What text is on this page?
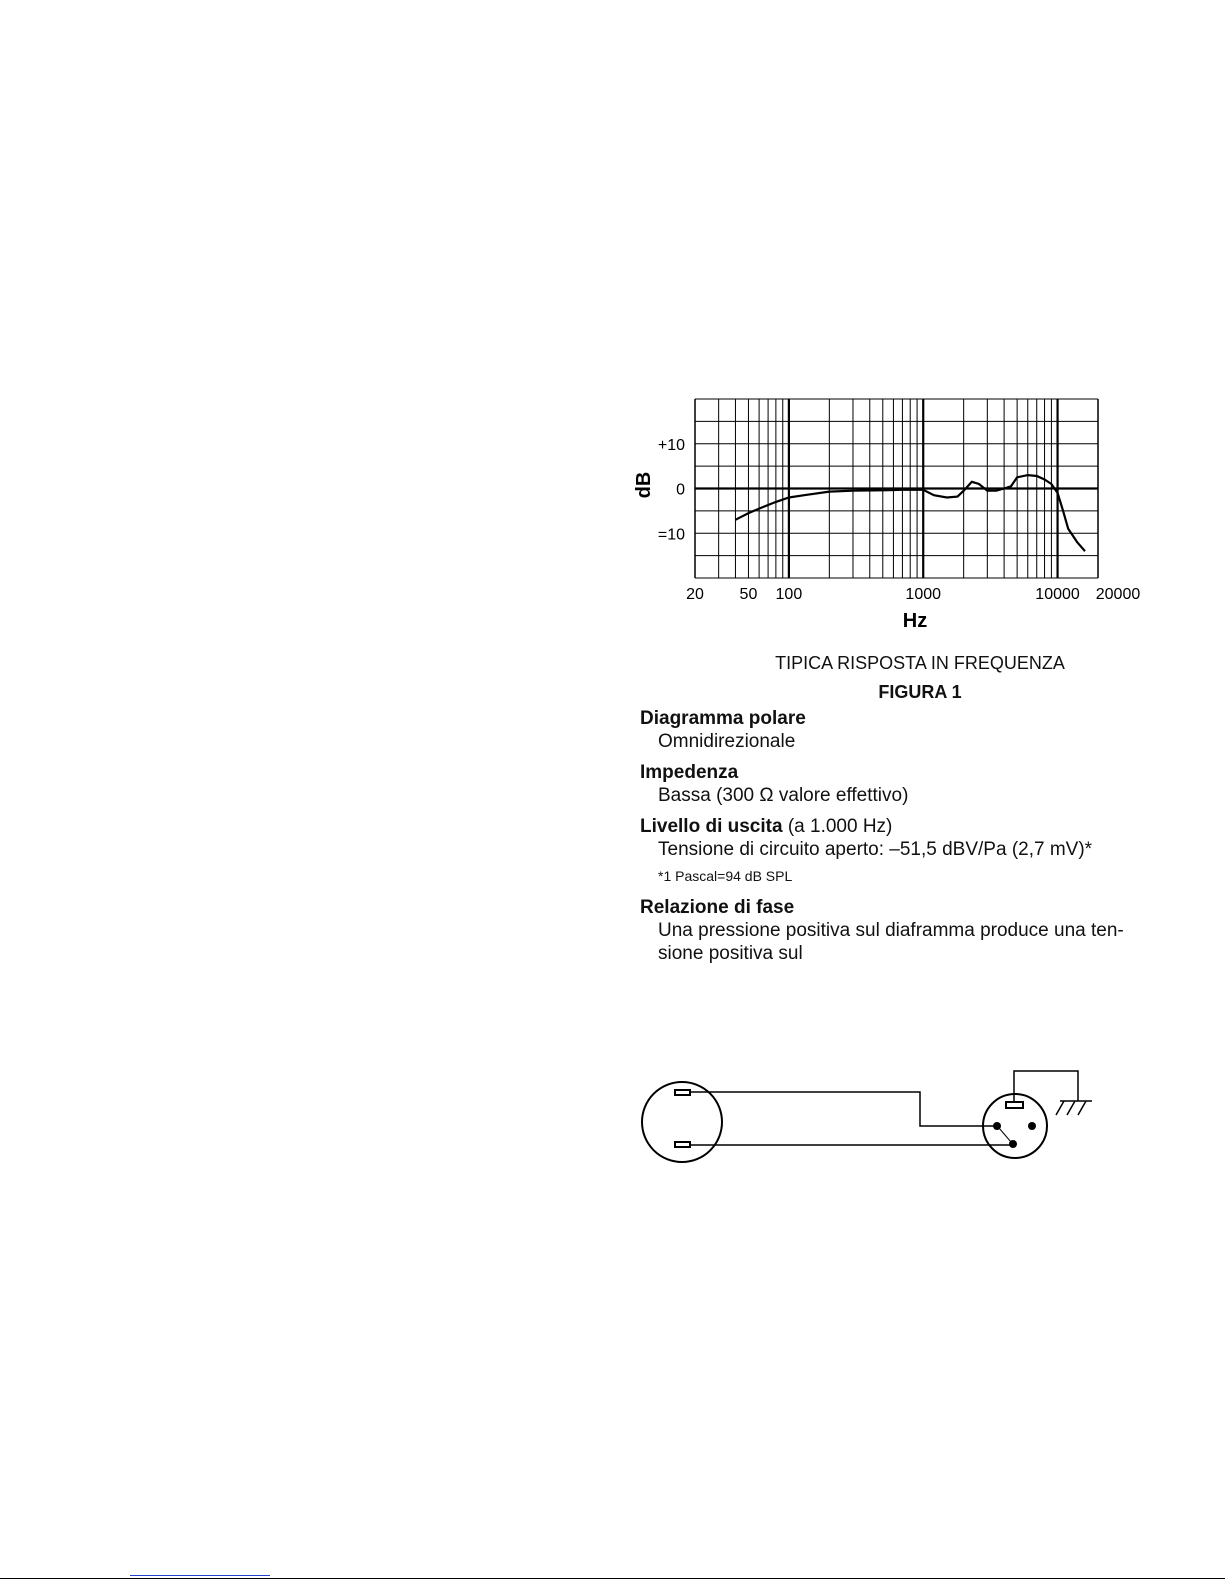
+10
0
=10
20 50 100	1000	10000 20000
dB
Hz
TIPICA RISPOSTA IN FREQUENZA
FIGURA 1
Diagramma polare
Omnidirezionale
Impedenza
Bassa (300 Ω valore effettivo)
Livello di uscita (a 1.000 Hz)
Tensione di circuito aperto: –51,5 dBV/Pa (2,7 mV)*
*1 Pascal=94 dB SPL
Relazione di fase
Una pressione positiva sul diaframma produce una ten-
sione positiva sul
